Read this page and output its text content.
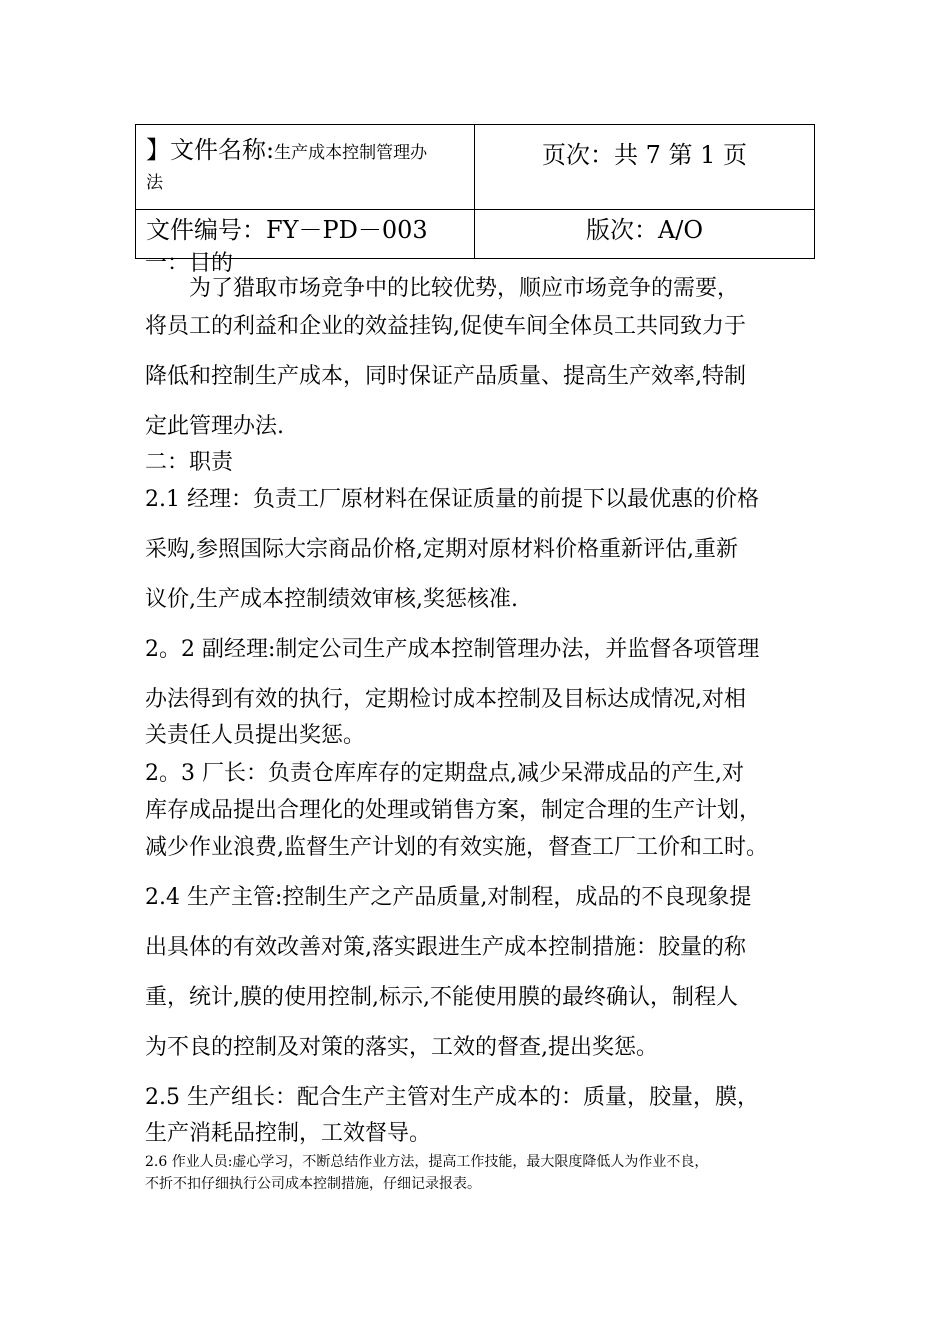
】文件名称:生产成本控制管理办
法	页次：共 7 第 1 页
文件编号：FY－PD－003	版次：A/O
一：目的
　　为了猎取市场竞争中的比较优势，顺应市场竞争的需要，
将员工的利益和企业的效益挂钩,促使车间全体员工共同致力于
降低和控制生产成本，同时保证产品质量、提高生产效率,特制
定此管理办法.
二：职责
2.1 经理：负责工厂原材料在保证质量的前提下以最优惠的价格
采购,参照国际大宗商品价格,定期对原材料价格重新评估,重新
议价,生产成本控制绩效审核,奖惩核准.
2。2 副经理:制定公司生产成本控制管理办法，并监督各项管理
办法得到有效的执行，定期检讨成本控制及目标达成情况,对相
关责任人员提出奖惩。
2。3 厂长：负责仓库库存的定期盘点,减少呆滞成品的产生,对
库存成品提出合理化的处理或销售方案，制定合理的生产计划，
减少作业浪费,监督生产计划的有效实施，督查工厂工价和工时。
2.4 生产主管:控制生产之产品质量,对制程，成品的不良现象提
出具体的有效改善对策,落实跟进生产成本控制措施：胶量的称
重，统计,膜的使用控制,标示,不能使用膜的最终确认，制程人
为不良的控制及对策的落实，工效的督查,提出奖惩。
2.5 生产组长：配合生产主管对生产成本的：质量，胶量，膜，
生产消耗品控制，工效督导。
2.6 作业人员:虚心学习，不断总结作业方法，提高工作技能，最大限度降低人为作业不良，
不折不扣仔细执行公司成本控制措施，仔细记录报表。
